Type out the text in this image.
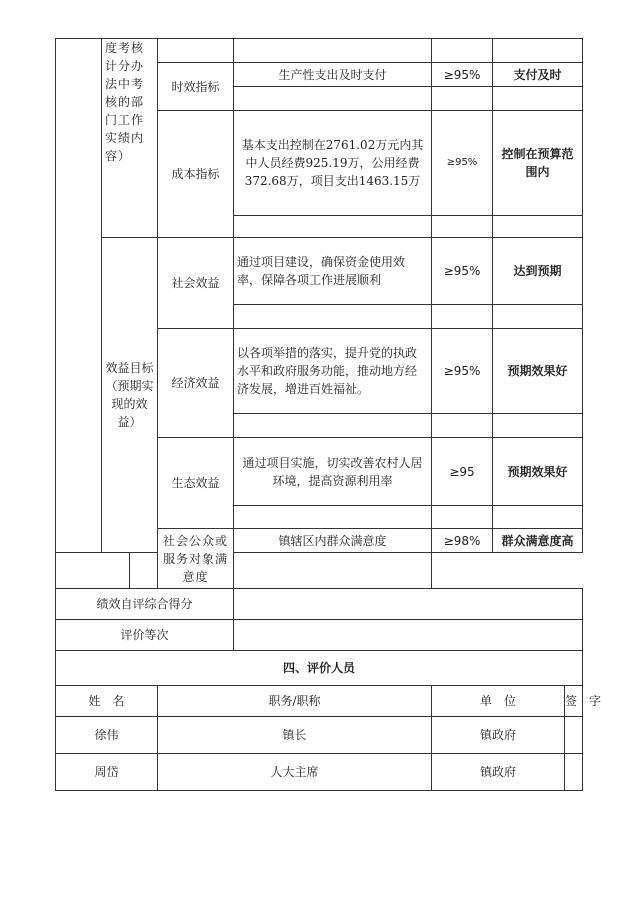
	度考核计分办法中考核的部门工作实绩内容）						
			时效指标	生产性支出及时支付	≥95%	支付及时	

			成本指标	基本支出控制在2761.02万元内其中人员经费925.19万，公用经费372.68万，项目支出1463.15万	≥95%	控制在预算范围内	

	效益目标（预期实现的效益）		社会效益	通过项目建设，确保资金使用效率，保障各项工作进展顺利	≥95%	达到预期	

			经济效益	以各项举措的落实，提升党的执政水平和政府服务功能，推动地方经济发展，增进百姓福祉。	≥95%	预期效果好	

			生态效益	通过项目实施，切实改善农村人居环境，提高资源利用率	≥95	预期效果好	

			社会公众或服务对象满意度	镇辖区内群众满意度	≥98%	群众满意度高	

绩效自评综合得分							
评价等次							
四、评价人员							
姓　名			职务/职称		单　位		签　字
徐伟			镇长		镇政府		
周岱			人大主席		镇政府		
